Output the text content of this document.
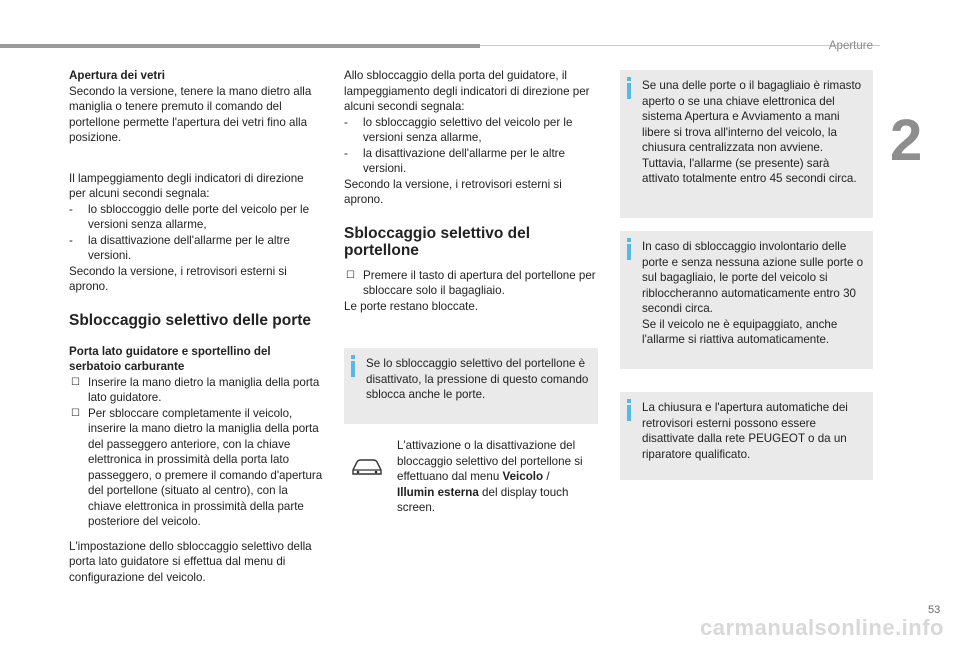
Aperture
2

Apertura dei vetri

Secondo la versione, tenere la mano dietro alla maniglia o tenere premuto il comando del portellone permette l'apertura dei vetri fino alla posizione.

Il lampeggiamento degli indicatori di direzione per alcuni secondi segnala:

- lo sblocco​ggio delle porte del veicolo per le versioni senza allarme,

- la disattivazione dell'allarme per le altre versioni.

Secondo la versione, i retrovisori esterni si aprono.

Sbloccaggio selettivo delle porte

Porta lato guidatore e sportellino del serbatoio carburante

☐ Inserire la mano dietro la maniglia della porta lato guidatore.

☐ Per sbloccare completamente il veicolo, inserire la mano dietro la maniglia della porta del passeggero anteriore, con la chiave elettronica in prossimità della porta lato passeggero, o premere il comando d'apertura del portellone (situato al centro), con la chiave elettronica in prossimità della parte posteriore del veicolo.

L'impostazione dello sbloccaggio selettivo della porta lato guidatore si effettua dal menu di configurazione del veicolo.

Allo sbloccaggio della porta del guidatore, il lampeggiamento degli indicatori di direzione per alcuni secondi segnala:

- lo sbloccaggio selettivo del veicolo per le versioni senza allarme,

- la disattivazione dell'allarme per le altre versioni.

Secondo la versione, i retrovisori esterni si aprono.

Sbloccaggio selettivo del portellone

☐ Premere il tasto di apertura del portellone per sbloccare solo il bagagliaio.

Le porte restano bloccate.

Se lo sbloccaggio selettivo del portellone è disattivato, la pressione di questo comando sblocca anche le porte.

L'attivazione o la disattivazione del bloccaggio selettivo del portellone si effettuano dal menu Veicolo / Illumin esterna del display touch screen.

Se una delle porte o il bagagliaio è rimasto aperto o se una chiave elettronica del sistema Apertura e Avviamento a mani libere si trova all'interno del veicolo, la chiusura centralizzata non avviene. Tuttavia, l'allarme (se presente) sarà attivato totalmente entro 45 secondi circa.

In caso di sbloccaggio involontario delle porte e senza nessuna azione sulle porte o sul bagagliaio, le porte del veicolo si riblocch​eranno automaticamente entro 30 secondi circa.

Se il veicolo ne è equipaggiato, anche l'allarme si riattiva automaticamente.

La chiusura e l'apertura automatiche dei retrovisori esterni possono essere disattivate dalla rete PEUGEOT o da un riparatore qualificato.

53
carmanualsonline.info
